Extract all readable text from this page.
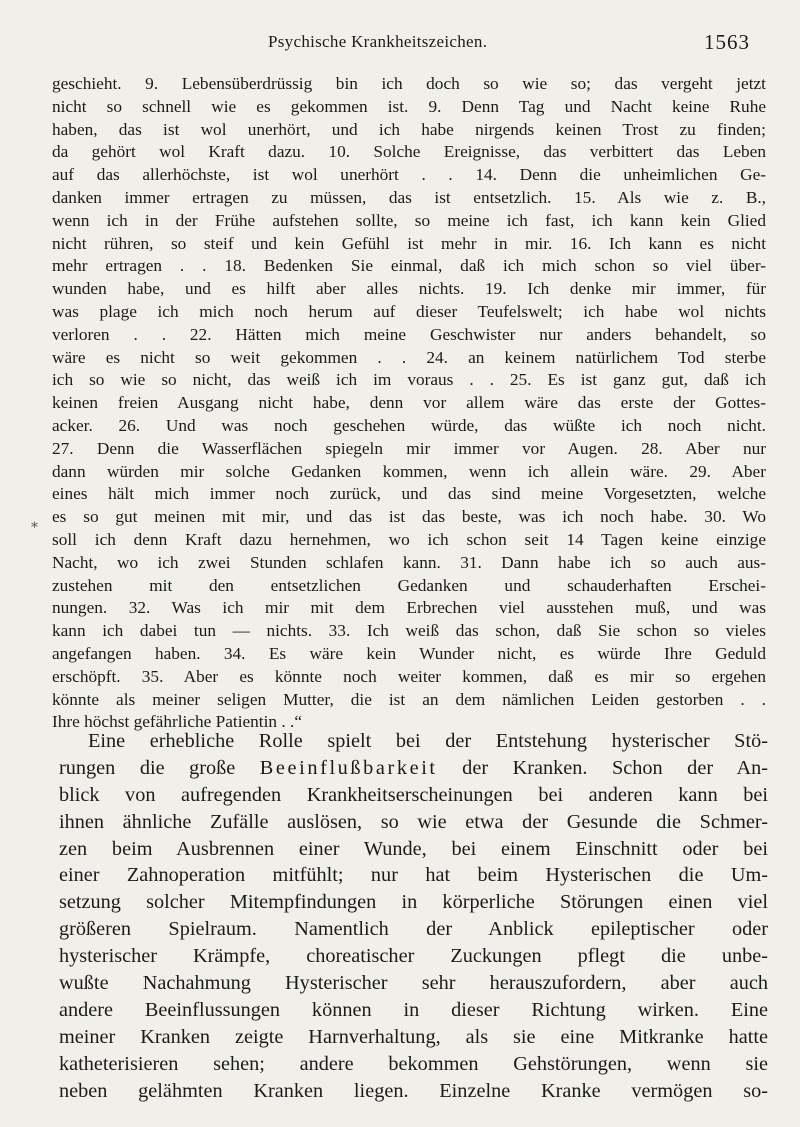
Psychische Krankheitszeichen.	1563
*
geschieht. 9. Lebensüberdrüssig bin ich doch so wie so; das vergeht jetzt
nicht so schnell wie es gekommen ist. 9. Denn Tag und Nacht keine Ruhe
haben, das ist wol unerhört, und ich habe nirgends keinen Trost zu finden;
da gehört wol Kraft dazu. 10. Solche Ereignisse, das verbittert das Leben
auf das allerhöchste, ist wol unerhört . . 14. Denn die unheimlichen Ge-
danken immer ertragen zu müssen, das ist entsetzlich. 15. Als wie z. B.,
wenn ich in der Frühe aufstehen sollte, so meine ich fast, ich kann kein Glied
nicht rühren, so steif und kein Gefühl ist mehr in mir. 16. Ich kann es nicht
mehr ertragen . . 18. Bedenken Sie einmal, daß ich mich schon so viel über-
wunden habe, und es hilft aber alles nichts. 19. Ich denke mir immer, für
was plage ich mich noch herum auf dieser Teufelswelt; ich habe wol nichts
verloren . . 22. Hätten mich meine Geschwister nur anders behandelt, so
wäre es nicht so weit gekommen . . 24. an keinem natürlichem Tod sterbe
ich so wie so nicht, das weiß ich im voraus . . 25. Es ist ganz gut, daß ich
keinen freien Ausgang nicht habe, denn vor allem wäre das erste der Gottes-
acker. 26. Und was noch geschehen würde, das wüßte ich noch nicht.
27. Denn die Wasserflächen spiegeln mir immer vor Augen. 28. Aber nur
dann würden mir solche Gedanken kommen, wenn ich allein wäre. 29. Aber
eines hält mich immer noch zurück, und das sind meine Vorgesetzten, welche
es so gut meinen mit mir, und das ist das beste, was ich noch habe. 30. Wo
soll ich denn Kraft dazu hernehmen, wo ich schon seit 14 Tagen keine einzige
Nacht, wo ich zwei Stunden schlafen kann. 31. Dann habe ich so auch aus-
zustehen mit den entsetzlichen Gedanken und schauderhaften Erschei-
nungen. 32. Was ich mir mit dem Erbrechen viel ausstehen muß, und was
kann ich dabei tun — nichts. 33. Ich weiß das schon, daß Sie schon so vieles
angefangen haben. 34. Es wäre kein Wunder nicht, es würde Ihre Geduld
erschöpft. 35. Aber es könnte noch weiter kommen, daß es mir so ergehen
könnte als meiner seligen Mutter, die ist an dem nämlichen Leiden gestorben . .
Ihre höchst gefährliche Patientin . .“
Eine erhebliche Rolle spielt bei der Entstehung hysterischer Stö-
rungen die große Beeinflußbarkeit der Kranken. Schon der An-
blick von aufregenden Krankheitserscheinungen bei anderen kann bei
ihnen ähnliche Zufälle auslösen, so wie etwa der Gesunde die Schmer-
zen beim Ausbrennen einer Wunde, bei einem Einschnitt oder bei
einer Zahnoperation mitfühlt; nur hat beim Hysterischen die Um-
setzung solcher Mitempfindungen in körperliche Störungen einen viel
größeren Spielraum. Namentlich der Anblick epileptischer oder
hysterischer Krämpfe, choreatischer Zuckungen pflegt die unbe-
wußte Nachahmung Hysterischer sehr herauszufordern, aber auch
andere Beeinflussungen können in dieser Richtung wirken. Eine
meiner Kranken zeigte Harnverhaltung, als sie eine Mitkranke hatte
katheterisieren sehen; andere bekommen Gehstörungen, wenn sie
neben gelähmten Kranken liegen. Einzelne Kranke vermögen so-
